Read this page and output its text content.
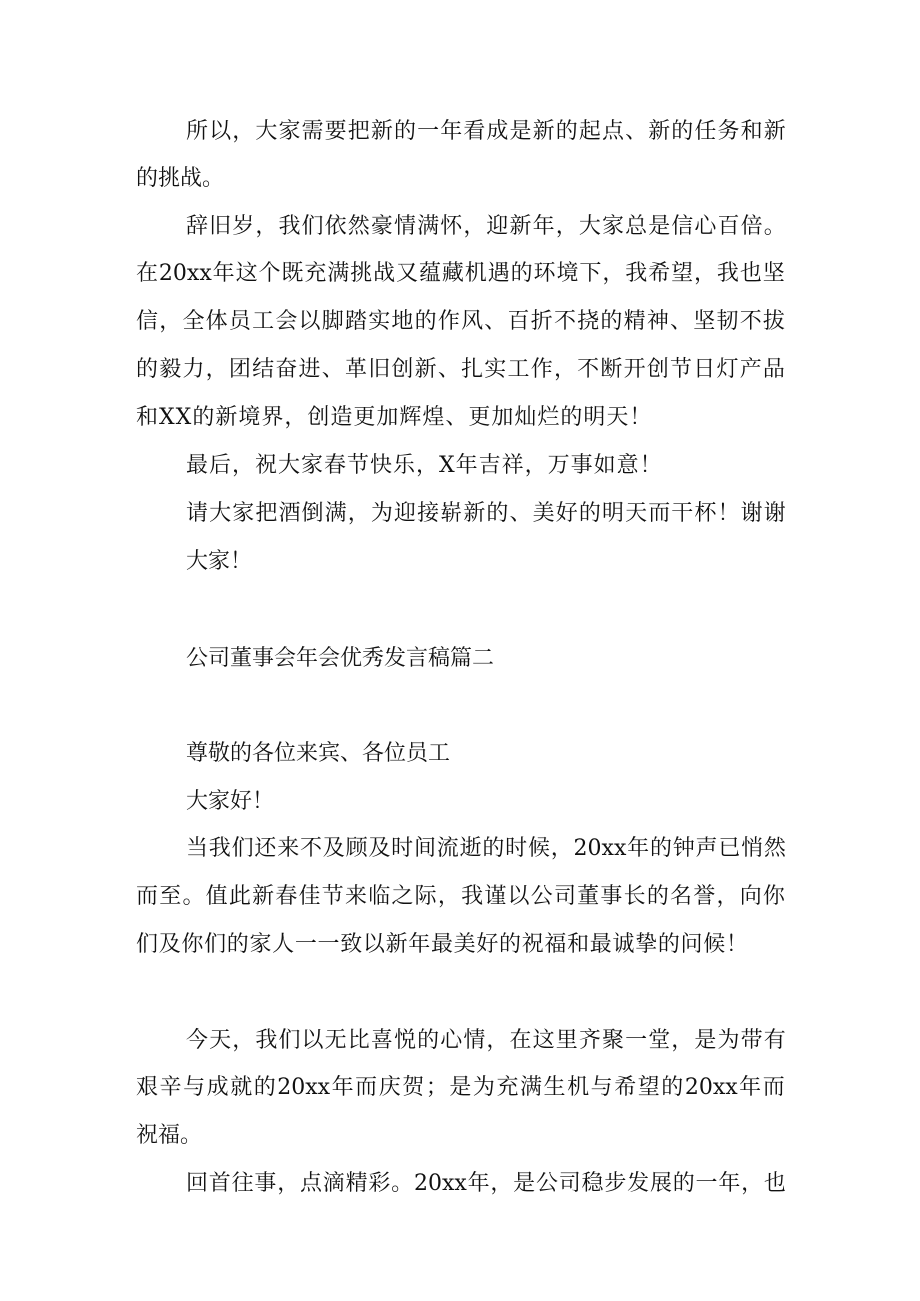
所 以 ， 大 家 需 要 把 新 的 一 年 看 成 是 新 的 起 点 、 新 的 任 务 和 新
的挑战。
辞 旧 岁 ， 我 们 依 然 豪 情 满 怀 ， 迎 新 年 ， 大 家 总 是 信 心 百 倍 。
在 20xx 年 这 个 既 充 满 挑 战 又 蕴 藏 机 遇 的 环 境 下 ， 我 希 望 ， 我 也 坚
信 ， 全 体 员 工 会 以 脚 踏 实 地 的 作 风 、 百 折 不 挠 的 精 神 、 坚 韧 不 拔
的 毅 力 ， 团 结 奋 进 、 革 旧 创 新 、 扎 实 工 作 ， 不 断 开 创 节 日 灯 产 品
和XX的新境界，创造更加辉煌、更加灿烂的明天！
最后，祝大家春节快乐，X年吉祥，万事如意！
请 大 家 把 酒 倒 满 ， 为 迎 接 崭 新 的 、 美 好 的 明 天 而 干 杯 ！ 谢 谢
大家！
公司董事会年会优秀发言稿篇二
尊敬的各位来宾、各位员工
大家好！
当 我 们 还 来 不 及 顾 及 时 间 流 逝 的 时 候 ， 20xx 年 的 钟 声 已 悄 然
而 至 。 值 此 新 春 佳 节 来 临 之 际 ， 我 谨 以 公 司 董 事 长 的 名 誉 ， 向 你
们 及 你 们 的 家 人 一 一 致 以 新 年 最 美 好 的 祝 福 和 最 诚 挚 的 问 候 ！
今 天 ， 我 们 以 无 比 喜 悦 的 心 情 ， 在 这 里 齐 聚 一 堂 ， 是 为 带 有
艰 辛 与 成 就 的 20xx 年 而 庆 贺 ； 是 为 充 满 生 机 与 希 望 的 20xx 年 而
祝福。
回 首 往 事 ， 点 滴 精 彩 。 20xx 年 ， 是 公 司 稳 步 发 展 的 一 年 ， 也
